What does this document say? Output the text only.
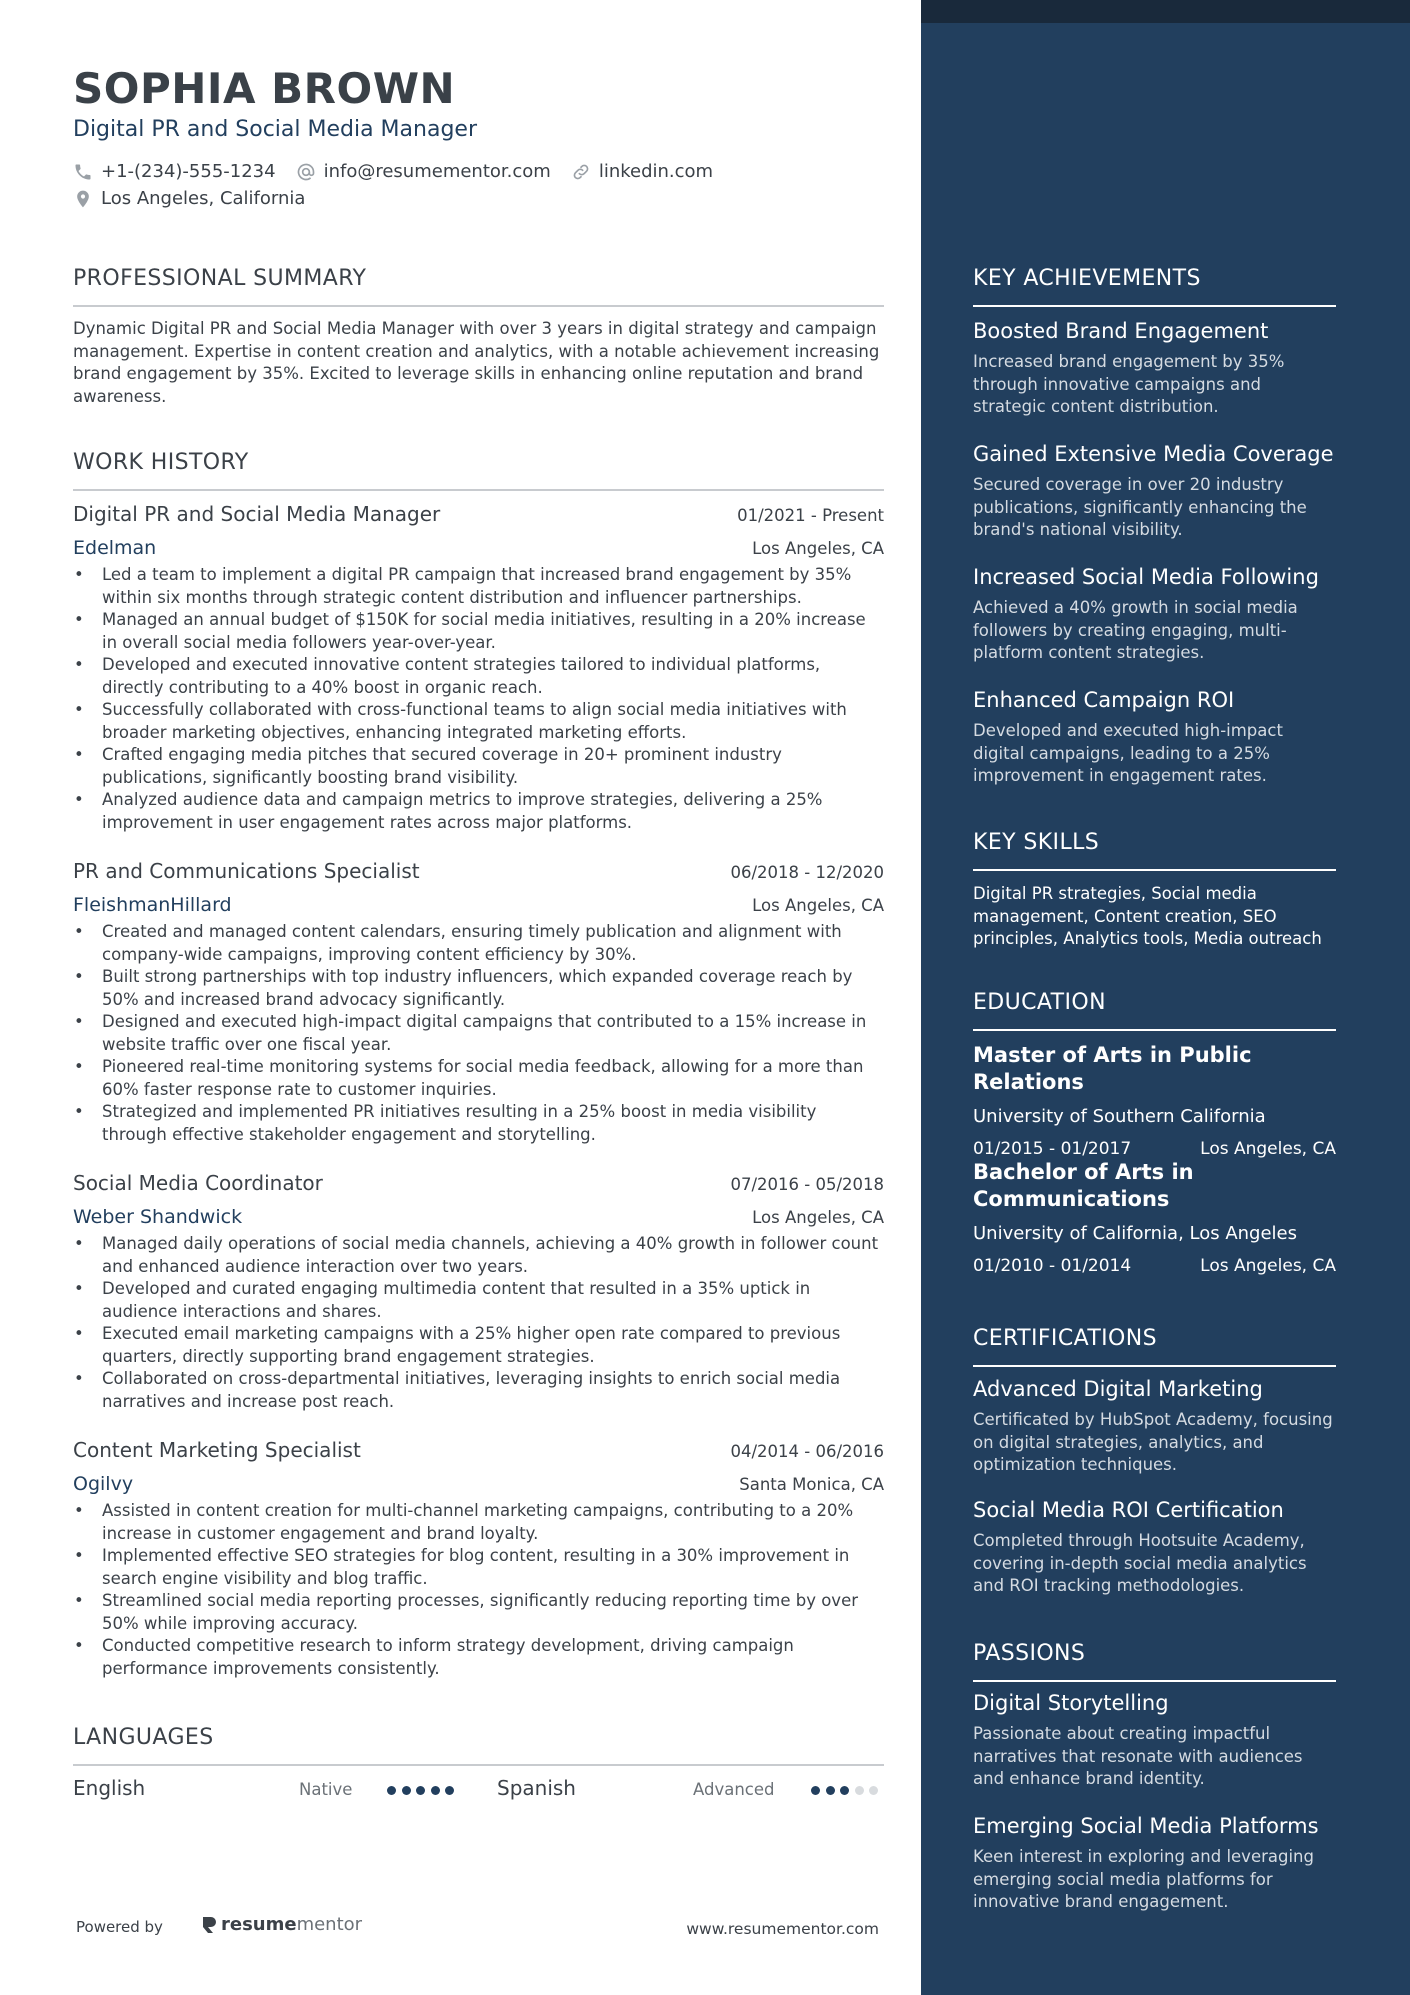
SOPHIA BROWN
Digital PR and Social Media Manager
+1-(234)-555-1234	info@resumementor.com	linkedin.com
Los Angeles, California
PROFESSIONAL SUMMARY
Dynamic Digital PR and Social Media Manager with over 3 years in digital strategy and campaign management. Expertise in content creation and analytics, with a notable achievement increasing brand engagement by 35%. Excited to leverage skills in enhancing online reputation and brand awareness.
WORK HISTORY
Digital PR and Social Media Manager	01/2021 - Present
Edelman	Los Angeles, CA
• Led a team to implement a digital PR campaign that increased brand engagement by 35% within six months through strategic content distribution and influencer partnerships.
• Managed an annual budget of $150K for social media initiatives, resulting in a 20% increase in overall social media followers year-over-year.
• Developed and executed innovative content strategies tailored to individual platforms, directly contributing to a 40% boost in organic reach.
• Successfully collaborated with cross-functional teams to align social media initiatives with broader marketing objectives, enhancing integrated marketing efforts.
• Crafted engaging media pitches that secured coverage in 20+ prominent industry publications, significantly boosting brand visibility.
• Analyzed audience data and campaign metrics to improve strategies, delivering a 25% improvement in user engagement rates across major platforms.
PR and Communications Specialist	06/2018 - 12/2020
FleishmanHillard	Los Angeles, CA
• Created and managed content calendars, ensuring timely publication and alignment with company-wide campaigns, improving content efficiency by 30%.
• Built strong partnerships with top industry influencers, which expanded coverage reach by 50% and increased brand advocacy significantly.
• Designed and executed high-impact digital campaigns that contributed to a 15% increase in website traffic over one fiscal year.
• Pioneered real-time monitoring systems for social media feedback, allowing for a more than 60% faster response rate to customer inquiries.
• Strategized and implemented PR initiatives resulting in a 25% boost in media visibility through effective stakeholder engagement and storytelling.
Social Media Coordinator	07/2016 - 05/2018
Weber Shandwick	Los Angeles, CA
• Managed daily operations of social media channels, achieving a 40% growth in follower count and enhanced audience interaction over two years.
• Developed and curated engaging multimedia content that resulted in a 35% uptick in audience interactions and shares.
• Executed email marketing campaigns with a 25% higher open rate compared to previous quarters, directly supporting brand engagement strategies.
• Collaborated on cross-departmental initiatives, leveraging insights to enrich social media narratives and increase post reach.
Content Marketing Specialist	04/2014 - 06/2016
Ogilvy	Santa Monica, CA
• Assisted in content creation for multi-channel marketing campaigns, contributing to a 20% increase in customer engagement and brand loyalty.
• Implemented effective SEO strategies for blog content, resulting in a 30% improvement in search engine visibility and blog traffic.
• Streamlined social media reporting processes, significantly reducing reporting time by over 50% while improving accuracy.
• Conducted competitive research to inform strategy development, driving campaign performance improvements consistently.
LANGUAGES
English	Native	Spanish	Advanced
Powered by	resume mentor	www.resumementor.com
KEY ACHIEVEMENTS
Boosted Brand Engagement
Increased brand engagement by 35% through innovative campaigns and strategic content distribution.
Gained Extensive Media Coverage
Secured coverage in over 20 industry publications, significantly enhancing the brand's national visibility.
Increased Social Media Following
Achieved a 40% growth in social media followers by creating engaging, multi-platform content strategies.
Enhanced Campaign ROI
Developed and executed high-impact digital campaigns, leading to a 25% improvement in engagement rates.
KEY SKILLS
Digital PR strategies, Social media management, Content creation, SEO principles, Analytics tools, Media outreach
EDUCATION
Master of Arts in Public Relations
University of Southern California
01/2015 - 01/2017	Los Angeles, CA
Bachelor of Arts in Communications
University of California, Los Angeles
01/2010 - 01/2014	Los Angeles, CA
CERTIFICATIONS
Advanced Digital Marketing
Certificated by HubSpot Academy, focusing on digital strategies, analytics, and optimization techniques.
Social Media ROI Certification
Completed through Hootsuite Academy, covering in-depth social media analytics and ROI tracking methodologies.
PASSIONS
Digital Storytelling
Passionate about creating impactful narratives that resonate with audiences and enhance brand identity.
Emerging Social Media Platforms
Keen interest in exploring and leveraging emerging social media platforms for innovative brand engagement.
